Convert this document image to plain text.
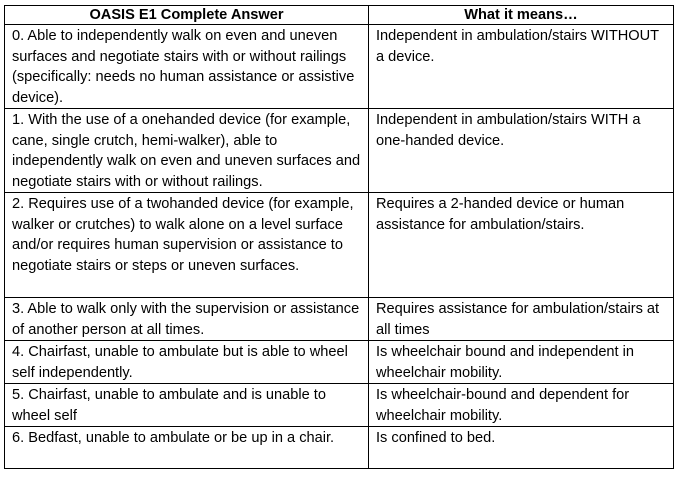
OASIS E1 Complete Answer	What it means…
0. Able to independently walk on even and uneven surfaces and negotiate stairs with or without railings (specifically: needs no human assistance or assistive device).	Independent in ambulation/stairs WITHOUT a device.
1. With the use of a onehanded device (for example, cane, single crutch, hemi-walker), able to independently walk on even and uneven surfaces and negotiate stairs with or without railings.	Independent in ambulation/stairs WITH a one-handed device.
2. Requires use of a twohanded device (for example, walker or crutches) to walk alone on a level surface and/or requires human supervision or assistance to negotiate stairs or steps or uneven surfaces.	Requires a 2-handed device or human assistance for ambulation/stairs.
3. Able to walk only with the supervision or assistance of another person at all times.	Requires assistance for ambulation/stairs at all times
4. Chairfast, unable to ambulate but is able to wheel self independently.	Is wheelchair bound and independent in wheelchair mobility.
5. Chairfast, unable to ambulate and is unable to wheel self	Is wheelchair-bound and dependent for wheelchair mobility.
6. Bedfast, unable to ambulate or be up in a chair.	Is confined to bed.
